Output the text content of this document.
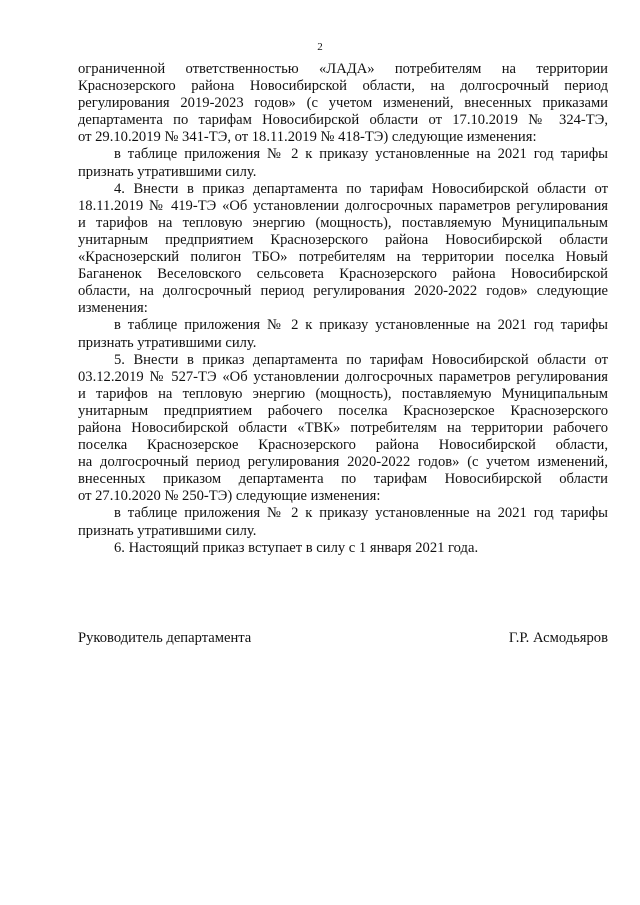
2
ограниченной ответственностью «ЛАДА» потребителям на территории
Краснозерского района Новосибирской области, на долгосрочный период
регулирования 2019-2023 годов» (с учетом изменений, внесенных приказами
департамента по тарифам Новосибирской области от 17.10.2019 № 324-ТЭ,
от 29.10.2019 № 341-ТЭ, от 18.11.2019 № 418-ТЭ) следующие изменения:
в таблице приложения № 2 к приказу установленные на 2021 год тарифы
признать утратившими силу.
4. Внести в приказ департамента по тарифам Новосибирской области от
18.11.2019 № 419-ТЭ «Об установлении долгосрочных параметров регулирования
и тарифов на тепловую энергию (мощность), поставляемую Муниципальным
унитарным предприятием Краснозерского района Новосибирской области
«Краснозерский полигон ТБО» потребителям на территории поселка Новый
Баганенок Веселовского сельсовета Краснозерского района Новосибирской
области, на долгосрочный период регулирования 2020-2022 годов» следующие
изменения:
в таблице приложения № 2 к приказу установленные на 2021 год тарифы
признать утратившими силу.
5. Внести в приказ департамента по тарифам Новосибирской области от
03.12.2019 № 527-ТЭ «Об установлении долгосрочных параметров регулирования
и тарифов на тепловую энергию (мощность), поставляемую Муниципальным
унитарным предприятием рабочего поселка Краснозерское Краснозерского
района Новосибирской области «ТВК» потребителям на территории рабочего
поселка Краснозерское Краснозерского района Новосибирской области,
на долгосрочный период регулирования 2020-2022 годов» (с учетом изменений,
внесенных приказом департамента по тарифам Новосибирской области
от 27.10.2020 № 250-ТЭ) следующие изменения:
в таблице приложения № 2 к приказу установленные на 2021 год тарифы
признать утратившими силу.
6. Настоящий приказ вступает в силу с 1 января 2021 года.
Руководитель департамента	Г.Р. Асмодьяров
